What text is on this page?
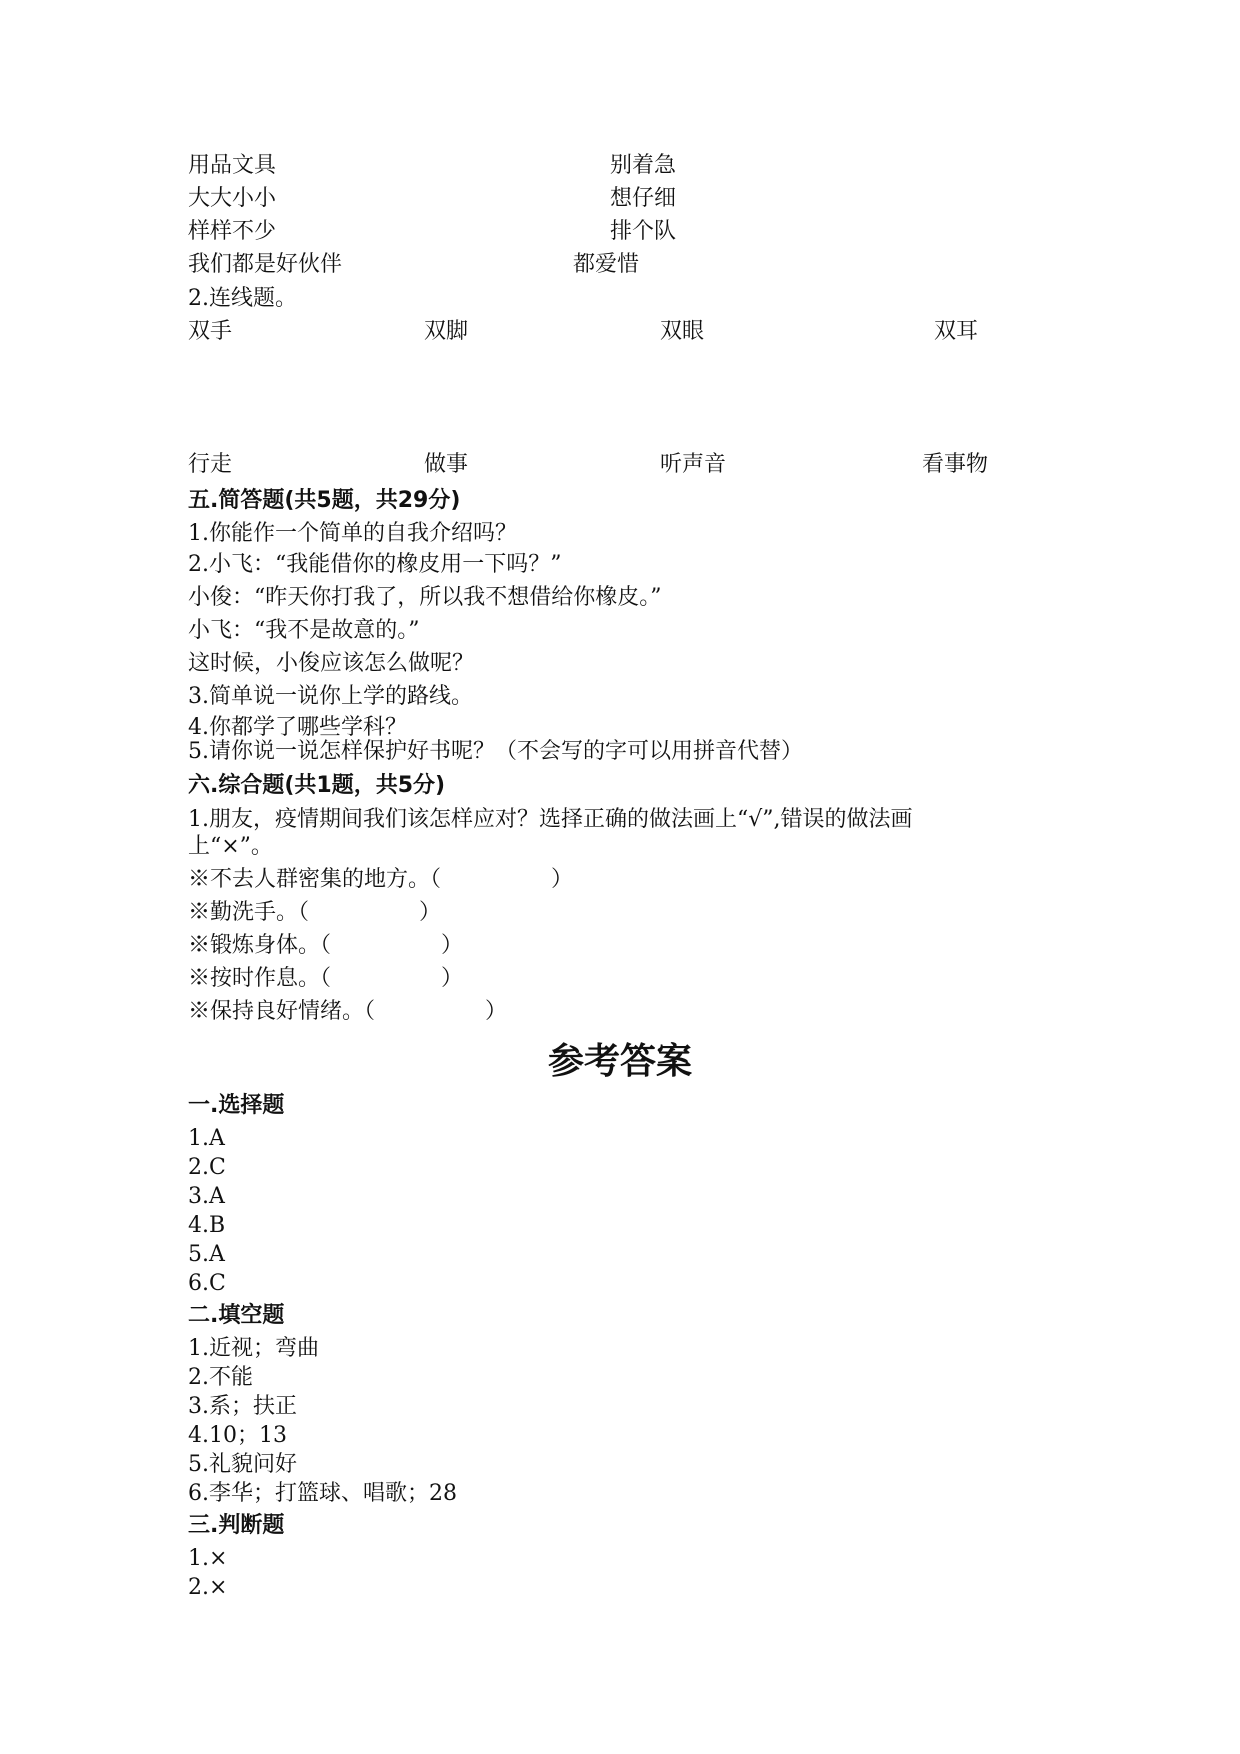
用品文具	别着急
大大小小	想仔细
样样不少	排个队
我们都是好伙伴	都爱惜
2.连线题。
双手	双脚	双眼	双耳
行走	做事	听声音	看事物
五.简答题(共5题，共29分)
1.你能作一个简单的自我介绍吗？
2.小飞：“我能借你的橡皮用一下吗？”
小俊：“昨天你打我了，所以我不想借给你橡皮。”
小飞：“我不是故意的。”
这时候，小俊应该怎么做呢？
3.简单说一说你上学的路线。
4.你都学了哪些学科？
5.请你说一说怎样保护好书呢？（不会写的字可以用拼音代替）
六.综合题(共1题，共5分)
1.朋友，疫情期间我们该怎样应对？选择正确的做法画上“√”,错误的做法画
上“×”。
※不去人群密集的地方。（　　　　　）
※勤洗手。（　　　　　）
※锻炼身体。（　　　　　）
※按时作息。（　　　　　）
※保持良好情绪。（　　　　　）
参考答案
一.选择题
1.A
2.C
3.A
4.B
5.A
6.C
二.填空题
1.近视；弯曲
2.不能
3.系；扶正
4.10；13
5.礼貌问好
6.李华；打篮球、唱歌；28
三.判断题
1.×
2.×
